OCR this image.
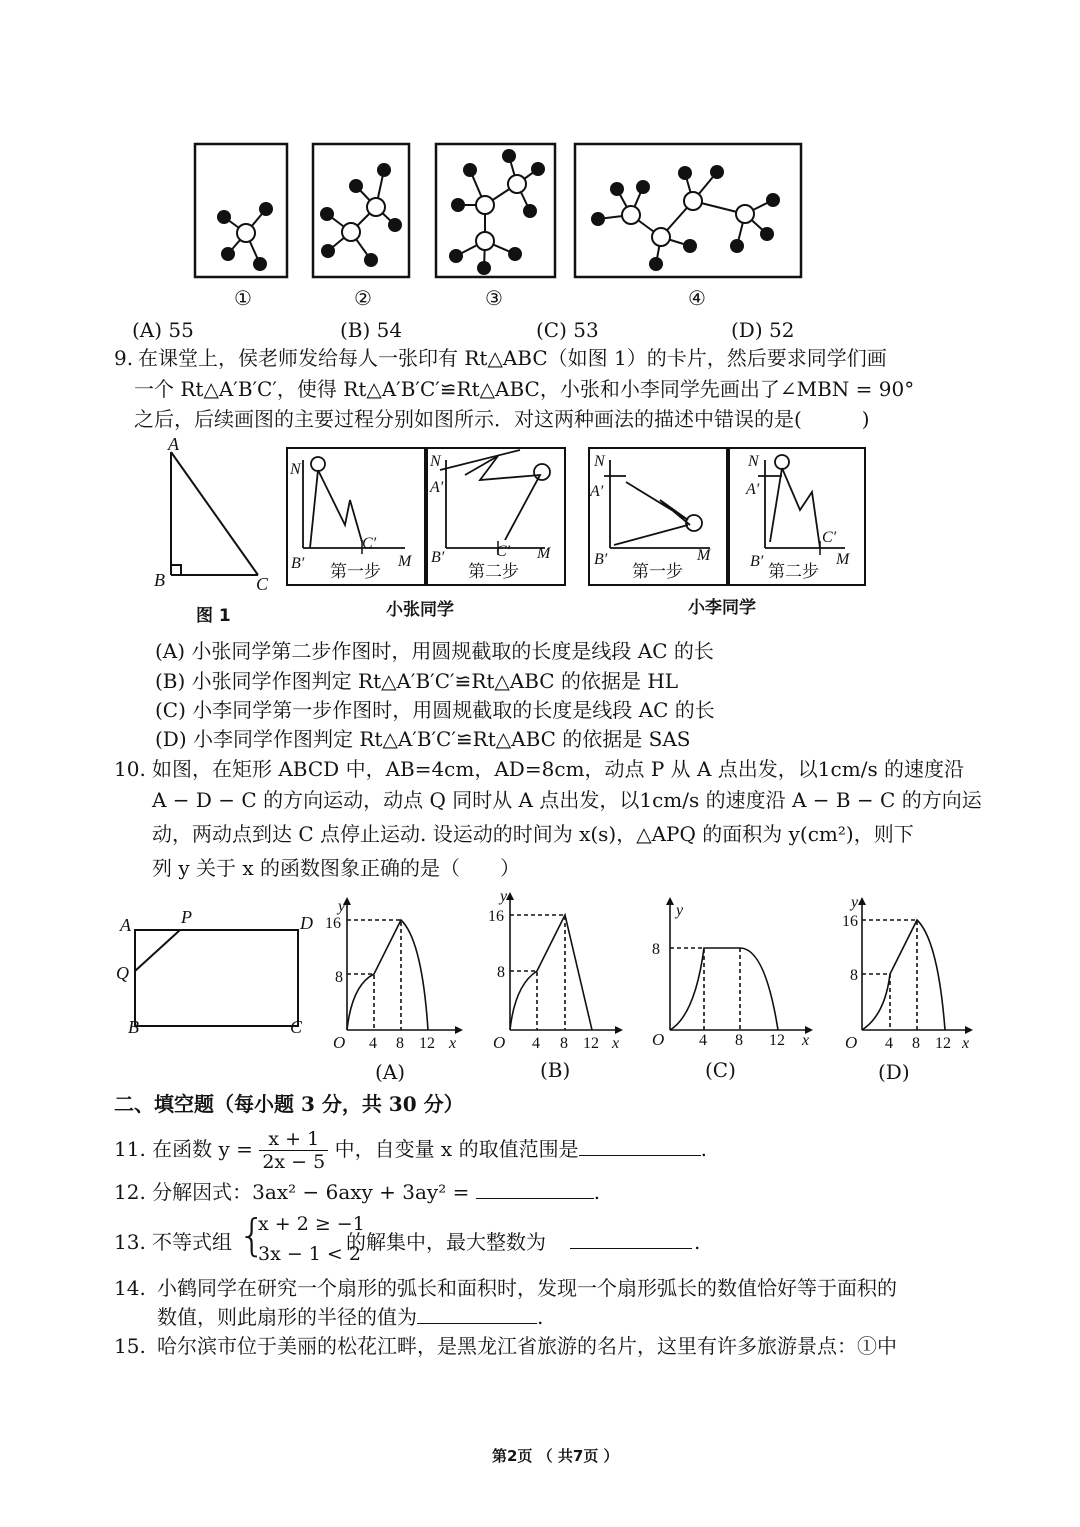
①	②	③	④
(A) 55	(B) 54	(C) 53	(D) 52
9. 在课堂上，侯老师发给每人一张印有 Rt△ABC（如图 1）的卡片，然后要求同学们画
一个 Rt△A′B′C′，使得 Rt△A′B′C′≌Rt△ABC，小张和小李同学先画出了∠MBN = 90°
之后，后续画图的主要过程分别如图所示．对这两种画法的描述中错误的是(　　　)
A
B	C
N
C′
B′	M
N
A′
C′
B′	M
N
A′
B′	M
N
A′
C′
B′	M
第一步	第二步	第一步	第二步
图 1	小张同学	小李同学
(A) 小张同学第二步作图时，用圆规截取的长度是线段 AC 的长
(B) 小张同学作图判定 Rt△A′B′C′≌Rt△ABC 的依据是 HL
(C) 小李同学第一步作图时，用圆规截取的长度是线段 AC 的长
(D) 小李同学作图判定 Rt△A′B′C′≌Rt△ABC 的依据是 SAS
10. 如图，在矩形 ABCD 中，AB=4cm，AD=8cm，动点 P 从 A 点出发，以1cm/s 的速度沿
A − D − C 的方向运动，动点 Q 同时从 A 点出发，以1cm/s 的速度沿 A − B − C 的方向运
动，两动点到达 C 点停止运动. 设运动的时间为 x(s)，△APQ 的面积为 y(cm²)，则下
列 y 关于 x 的函数图象正确的是（　　）
A	P	D
Q
B	C
y
16
8
O 4 8 12 x
y
16
8
O 4 8 12 x
y
8
O 4 8 12 x
y
16
8
O 4 8 12 x
(A)	(B)	(C)	(D)
二、填空题（每小题 3 分，共 30 分）
11. 在函数 $y = \frac{x + 1}{2x - 5}$ 中，自变量 x 的取值范围是	.
12. 分解因式：3ax² − 6axy + 3ay² =	.
13. 不等式组 {
x + 2 ≥ −1
3x − 1 < 2
的解集中，最大整数为	.
14. 小鹤同学在研究一个扇形的弧长和面积时，发现一个扇形弧长的数值恰好等于面积的
数值，则此扇形的半径的值为	.
15. 哈尔滨市位于美丽的松花江畔，是黑龙江省旅游的名片，这里有许多旅游景点：①中
第2页 （ 共7页 ）
